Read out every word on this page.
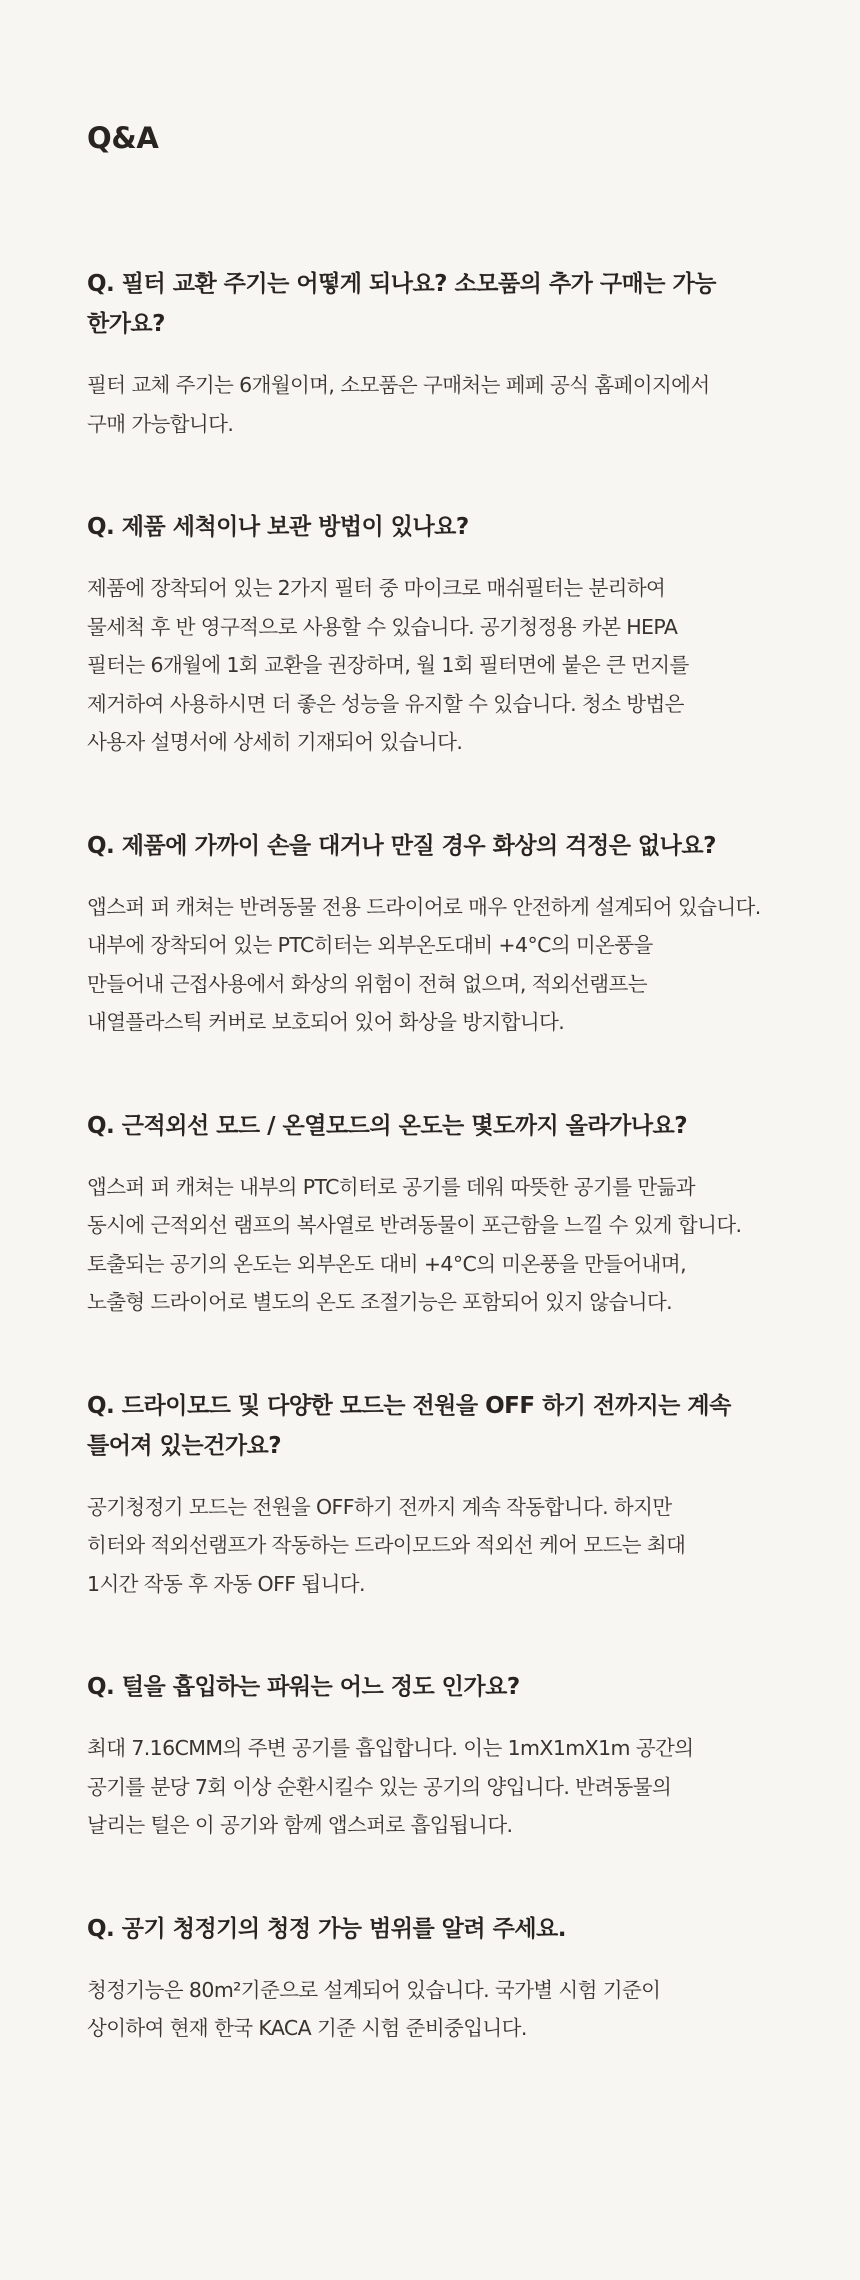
Q&A
Q. 필터 교환 주기는 어떻게 되나요? 소모품의 추가 구매는 가능한가요?

필터 교체 주기는 6개월이며, 소모품은 구매처는 페페 공식 홈페이지에서
구매 가능합니다.

Q. 제품 세척이나 보관 방법이 있나요?

제품에 장착되어 있는 2가지 필터 중 마이크로 매쉬필터는 분리하여
물세척 후 반 영구적으로 사용할 수 있습니다. 공기청정용 카본 HEPA
필터는 6개월에 1회 교환을 권장하며, 월 1회 필터면에 붙은 큰 먼지를
제거하여 사용하시면 더 좋은 성능을 유지할 수 있습니다. 청소 방법은
사용자 설명서에 상세히 기재되어 있습니다.

Q. 제품에 가까이 손을 대거나 만질 경우 화상의 걱정은 없나요?

앱스퍼 퍼 캐쳐는 반려동물 전용 드라이어로 매우 안전하게 설계되어 있습니다.
내부에 장착되어 있는 PTC히터는 외부온도대비 +4°C의 미온풍을
만들어내 근접사용에서 화상의 위험이 전혀 없으며, 적외선램프는
내열플라스틱 커버로 보호되어 있어 화상을 방지합니다.

Q. 근적외선 모드 / 온열모드의 온도는 몇도까지 올라가나요?

앱스퍼 퍼 캐쳐는 내부의 PTC히터로 공기를 데워 따뜻한 공기를 만듦과
동시에 근적외선 램프의 복사열로 반려동물이 포근함을 느낄 수 있게 합니다.
토출되는 공기의 온도는 외부온도 대비 +4°C의 미온풍을 만들어내며,
노출형 드라이어로 별도의 온도 조절기능은 포함되어 있지 않습니다.

Q. 드라이모드 및 다양한 모드는 전원을 OFF 하기 전까지는 계속 틀어져 있는건가요?

공기청정기 모드는 전원을 OFF하기 전까지 계속 작동합니다. 하지만
히터와 적외선램프가 작동하는 드라이모드와 적외선 케어 모드는 최대
1시간 작동 후 자동 OFF 됩니다.

Q. 털을 흡입하는 파워는 어느 정도 인가요?

최대 7.16CMM의 주변 공기를 흡입합니다. 이는 1mX1mX1m 공간의
공기를 분당 7회 이상 순환시킬수 있는 공기의 양입니다. 반려동물의
날리는 털은 이 공기와 함께 앱스퍼로 흡입됩니다.

Q. 공기 청정기의 청정 가능 범위를 알려 주세요.

청정기능은 80m²기준으로 설계되어 있습니다. 국가별 시험 기준이
상이하여 현재 한국 KACA 기준 시험 준비중입니다.
